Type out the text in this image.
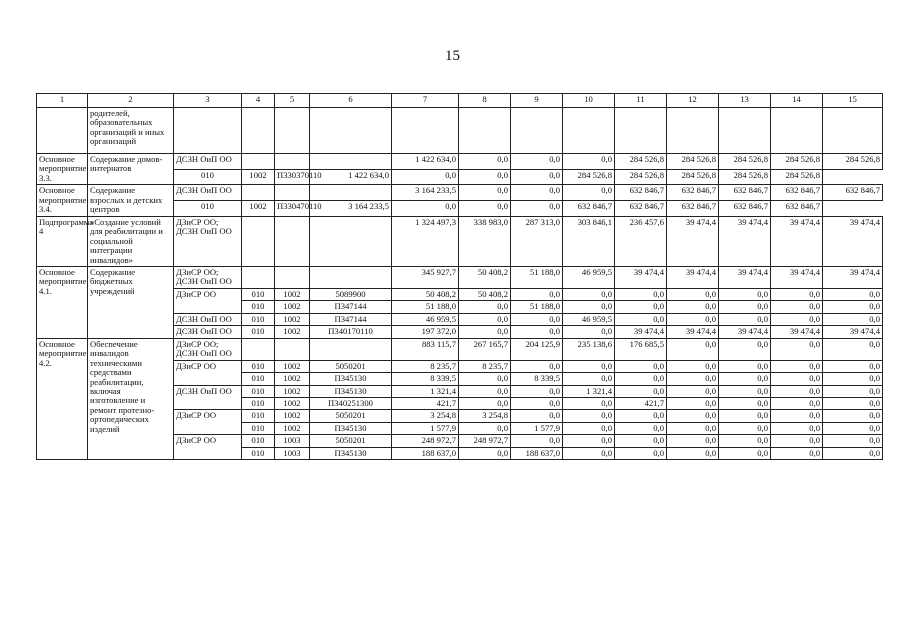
15
1	2	3	4	5	6	7	8	9	10	11	12	13	14	15
	родителей, образовательных организаций и иных организаций													
Основное мероприятие 3.3.	Содержание домов-интернатов	ДСЗН ОиП ОО				1 422 634,0	0,0	0,0	0,0	284 526,8	284 526,8	284 526,8	284 526,8	284 526,8
		010	1002	П330370110	1 422 634,0	0,0	0,0	0,0	284 526,8	284 526,8	284 526,8	284 526,8	284 526,8	
Основное мероприятие 3.4.	Содержание взрослых и детских центров	ДСЗН ОиП ОО				3 164 233,5	0,0	0,0	0,0	632 846,7	632 846,7	632 846,7	632 846,7	632 846,7
		010	1002	П330470110	3 164 233,5	0,0	0,0	0,0	632 846,7	632 846,7	632 846,7	632 846,7	632 846,7	
Подпрограмма 4	«Создание условий для реабилитации и социальной интеграции инвалидов»	ДЗиСР ОО; ДСЗН ОиП ОО				1 324 497,3	338 983,0	287 313,0	303 846,1	236 457,6	39 474,4	39 474,4	39 474,4	39 474,4
Основное мероприятие 4.1.	Содержание бюджетных учреждений	ДЗиСР ОО; ДСЗН ОиП ОО				345 927,7	50 408,2	51 188,0	46 959,5	39 474,4	39 474,4	39 474,4	39 474,4	39 474,4
		ДЗиСР ОО	010	1002	5089900	50 408,2	50 408,2	0,0	0,0	0,0	0,0	0,0	0,0	0,0
			010	1002	П347144	51 188,0	0,0	51 188,0	0,0	0,0	0,0	0,0	0,0	0,0
		ДСЗН ОиП ОО	010	1002	П347144	46 959,5	0,0	0,0	46 959,5	0,0	0,0	0,0	0,0	0,0
		ДСЗН ОиП ОО	010	1002	П340170110	197 372,0	0,0	0,0	0,0	39 474,4	39 474,4	39 474,4	39 474,4	39 474,4
Основное мероприятие 4.2.	Обеспечение инвалидов техническими средствами реабилитации, включая изготовление и ремонт протезно-ортопедических изделий	ДЗиСР ОО; ДСЗН ОиП ОО				883 115,7	267 165,7	204 125,9	235 138,6	176 685,5	0,0	0,0	0,0	0,0
		ДЗиСР ОО	010	1002	5050201	8 235,7	8 235,7	0,0	0,0	0,0	0,0	0,0	0,0	0,0
			010	1002	П345130	8 339,5	0,0	8 339,5	0,0	0,0	0,0	0,0	0,0	0,0
		ДСЗН ОиП ОО	010	1002	П345130	1 321,4	0,0	0,0	1 321,4	0,0	0,0	0,0	0,0	0,0
			010	1002	П340251300	421,7	0,0	0,0	0,0	421,7	0,0	0,0	0,0	0,0
		ДЗиСР ОО	010	1002	5050201	3 254,8	3 254,8	0,0	0,0	0,0	0,0	0,0	0,0	0,0
			010	1002	П345130	1 577,9	0,0	1 577,9	0,0	0,0	0,0	0,0	0,0	0,0
		ДЗиСР ОО	010	1003	5050201	248 972,7	248 972,7	0,0	0,0	0,0	0,0	0,0	0,0	0,0
			010	1003	П345130	188 637,0	0,0	188 637,0	0,0	0,0	0,0	0,0	0,0	0,0
